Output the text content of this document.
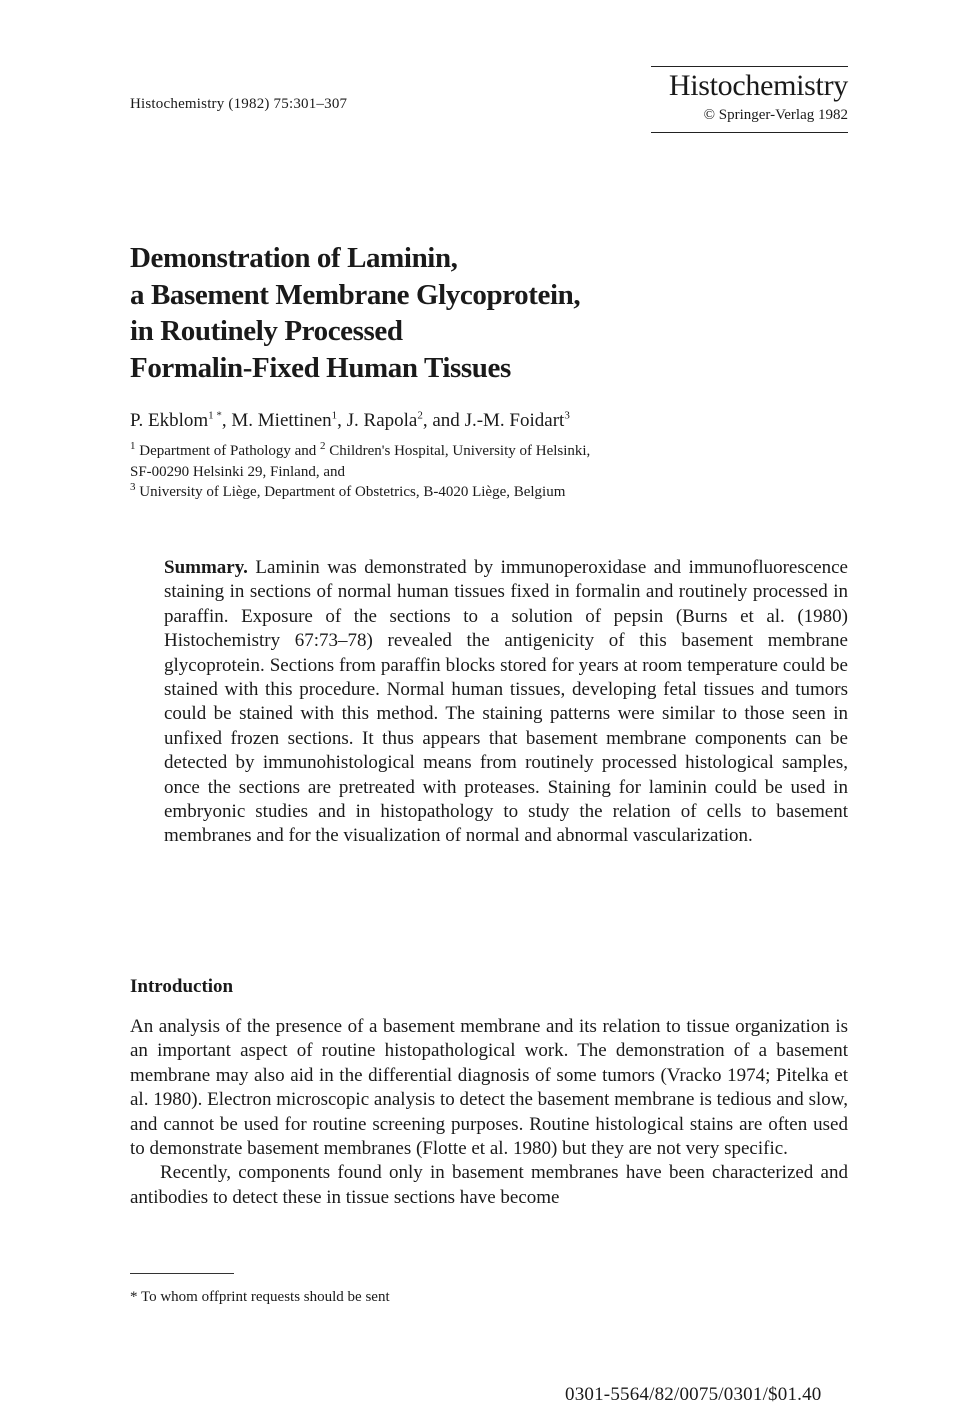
Histochemistry (1982) 75:301–307
Histochemistry
© Springer-Verlag 1982
Demonstration of Laminin,
a Basement Membrane Glycoprotein,
in Routinely Processed
Formalin-Fixed Human Tissues
P. Ekblom$^{1 *}$, M. Miettinen$^1$, J. Rapola$^2$, and J.-M. Foidart$^3$
$^1$ Department of Pathology and $^2$ Children's Hospital, University of Helsinki,
SF-00290 Helsinki 29, Finland, and
$^3$ University of Liège, Department of Obstetrics, B-4020 Liège, Belgium
Summary. Laminin was demonstrated by immunoperoxidase and immunofluorescence staining in sections of normal human tissues fixed in formalin and routinely processed in paraffin. Exposure of the sections to a solution of pepsin (Burns et al. (1980) Histochemistry 67:73–78) revealed the antigenicity of this basement membrane glycoprotein. Sections from paraffin blocks stored for years at room temperature could be stained with this procedure. Normal human tissues, developing fetal tissues and tumors could be stained with this method. The staining patterns were similar to those seen in unfixed frozen sections. It thus appears that basement membrane components can be detected by immunohistological means from routinely processed histological samples, once the sections are pretreated with proteases. Staining for laminin could be used in embryonic studies and in histopathology to study the relation of cells to basement membranes and for the visualization of normal and abnormal vascularization.
Introduction

An analysis of the presence of a basement membrane and its relation to tissue organization is an important aspect of routine histopathological work. The demonstration of a basement membrane may also aid in the differential diagnosis of some tumors (Vracko 1974; Pitelka et al. 1980). Electron microscopic analysis to detect the basement membrane is tedious and slow, and cannot be used for routine screening purposes. Routine histological stains are often used to demonstrate basement membranes (Flotte et al. 1980) but they are not very specific.

Recently, components found only in basement membranes have been characterized and antibodies to detect these in tissue sections have become

* To whom offprint requests should be sent
0301-5564/82/0075/0301/$01.40
